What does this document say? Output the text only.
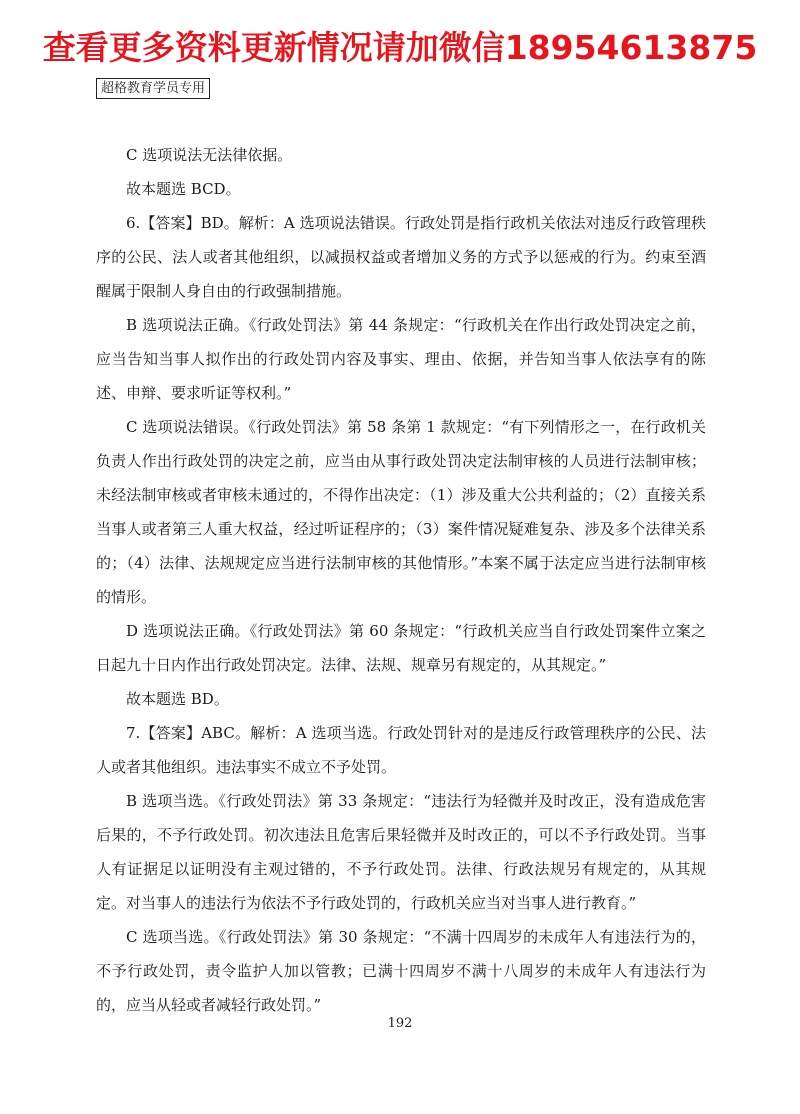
查看更多资料更新情况请加微信18954613875
超格教育学员专用

C 选项说法无法律依据。

故本题选 BCD。

6.【答案】BD。解析：A 选项说法错误。行政处罚是指行政机关依法对违反行政管理秩序的公民、法人或者其他组织，以减损权益或者增加义务的方式予以惩戒的行为。约束至酒醒属于限制人身自由的行政强制措施。

B 选项说法正确。《行政处罚法》第 44 条规定：“行政机关在作出行政处罚决定之前，应当告知当事人拟作出的行政处罚内容及事实、理由、依据，并告知当事人依法享有的陈述、申辩、要求听证等权利。”

C 选项说法错误。《行政处罚法》第 58 条第 1 款规定：“有下列情形之一，在行政机关负责人作出行政处罚的决定之前，应当由从事行政处罚决定法制审核的人员进行法制审核；未经法制审核或者审核未通过的，不得作出决定：（1）涉及重大公共利益的；（2）直接关系当事人或者第三人重大权益，经过听证程序的；（3）案件情况疑难复杂、涉及多个法律关系的；（4）法律、法规规定应当进行法制审核的其他情形。”本案不属于法定应当进行法制审核的情形。

D 选项说法正确。《行政处罚法》第 60 条规定：“行政机关应当自行政处罚案件立案之日起九十日内作出行政处罚决定。法律、法规、规章另有规定的，从其规定。”

故本题选 BD。

7.【答案】ABC。解析：A 选项当选。行政处罚针对的是违反行政管理秩序的公民、法人或者其他组织。违法事实不成立不予处罚。

B 选项当选。《行政处罚法》第 33 条规定：“违法行为轻微并及时改正，没有造成危害后果的，不予行政处罚。初次违法且危害后果轻微并及时改正的，可以不予行政处罚。当事人有证据足以证明没有主观过错的，不予行政处罚。法律、行政法规另有规定的，从其规定。对当事人的违法行为依法不予行政处罚的，行政机关应当对当事人进行教育。”

C 选项当选。《行政处罚法》第 30 条规定：“不满十四周岁的未成年人有违法行为的，不予行政处罚，责令监护人加以管教；已满十四周岁不满十八周岁的未成年人有违法行为的，应当从轻或者减轻行政处罚。”

192
